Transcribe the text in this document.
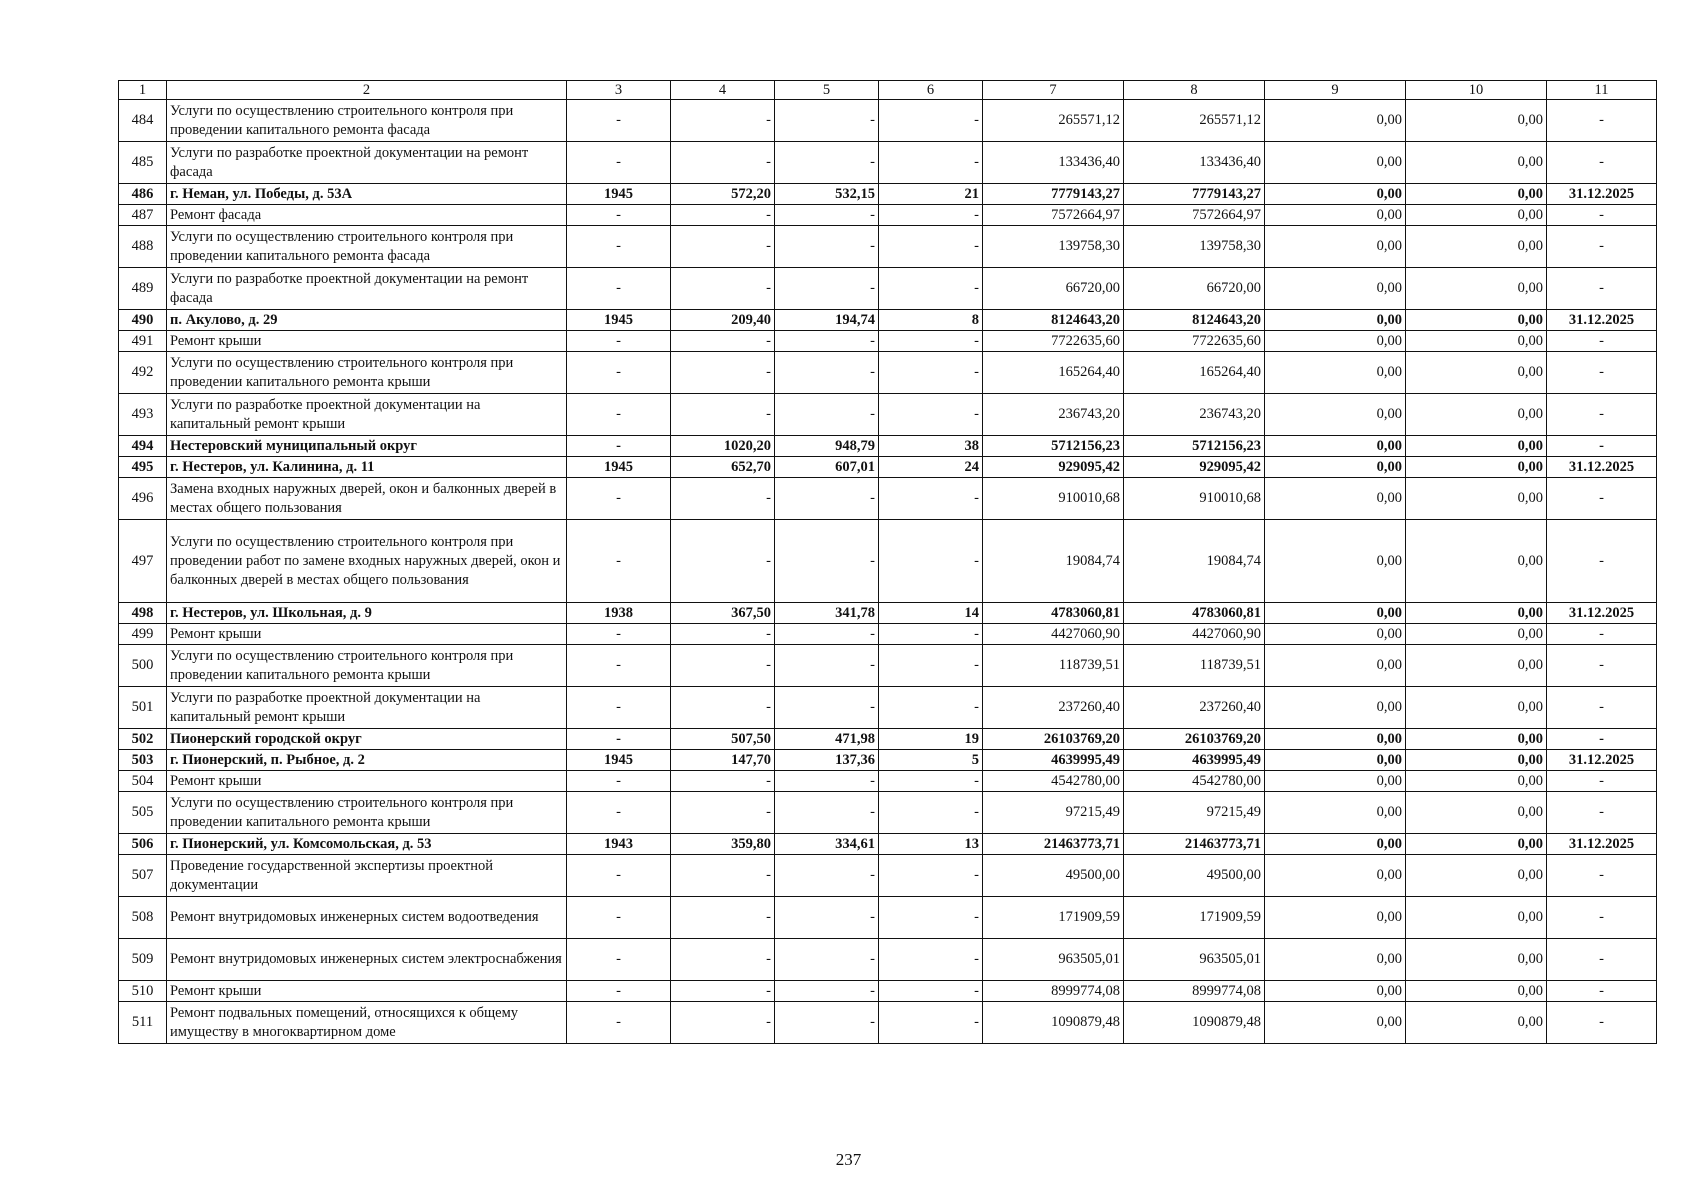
1	2	3	4	5	6	7	8	9	10	11
484	Услуги по осуществлению строительного контроля при проведении капитального ремонта фасада	-	-	-	-	265571,12	265571,12	0,00	0,00	-
485	Услуги по разработке проектной документации на ремонт фасада	-	-	-	-	133436,40	133436,40	0,00	0,00	-
486	г. Неман, ул. Победы, д. 53А	1945	572,20	532,15	21	7779143,27	7779143,27	0,00	0,00	31.12.2025
487	Ремонт фасада	-	-	-	-	7572664,97	7572664,97	0,00	0,00	-
488	Услуги по осуществлению строительного контроля при проведении капитального ремонта фасада	-	-	-	-	139758,30	139758,30	0,00	0,00	-
489	Услуги по разработке проектной документации на ремонт фасада	-	-	-	-	66720,00	66720,00	0,00	0,00	-
490	п. Акулово, д. 29	1945	209,40	194,74	8	8124643,20	8124643,20	0,00	0,00	31.12.2025
491	Ремонт крыши	-	-	-	-	7722635,60	7722635,60	0,00	0,00	-
492	Услуги по осуществлению строительного контроля при проведении капитального ремонта крыши	-	-	-	-	165264,40	165264,40	0,00	0,00	-
493	Услуги по разработке проектной документации на капитальный ремонт крыши	-	-	-	-	236743,20	236743,20	0,00	0,00	-
494	Нестеровский муниципальный округ	-	1020,20	948,79	38	5712156,23	5712156,23	0,00	0,00	-
495	г. Нестеров, ул. Калинина, д. 11	1945	652,70	607,01	24	929095,42	929095,42	0,00	0,00	31.12.2025
496	Замена входных наружных дверей, окон и балконных дверей в местах общего пользования	-	-	-	-	910010,68	910010,68	0,00	0,00	-
497	Услуги по осуществлению строительного контроля при проведении работ по замене входных наружных дверей, окон и балконных дверей в местах общего пользования	-	-	-	-	19084,74	19084,74	0,00	0,00	-
498	г. Нестеров, ул. Школьная, д. 9	1938	367,50	341,78	14	4783060,81	4783060,81	0,00	0,00	31.12.2025
499	Ремонт крыши	-	-	-	-	4427060,90	4427060,90	0,00	0,00	-
500	Услуги по осуществлению строительного контроля при проведении капитального ремонта крыши	-	-	-	-	118739,51	118739,51	0,00	0,00	-
501	Услуги по разработке проектной документации на капитальный ремонт крыши	-	-	-	-	237260,40	237260,40	0,00	0,00	-
502	Пионерский городской округ	-	507,50	471,98	19	26103769,20	26103769,20	0,00	0,00	-
503	г. Пионерский, п. Рыбное, д. 2	1945	147,70	137,36	5	4639995,49	4639995,49	0,00	0,00	31.12.2025
504	Ремонт крыши	-	-	-	-	4542780,00	4542780,00	0,00	0,00	-
505	Услуги по осуществлению строительного контроля при проведении капитального ремонта крыши	-	-	-	-	97215,49	97215,49	0,00	0,00	-
506	г. Пионерский, ул. Комсомольская, д. 53	1943	359,80	334,61	13	21463773,71	21463773,71	0,00	0,00	31.12.2025
507	Проведение государственной экспертизы проектной документации	-	-	-	-	49500,00	49500,00	0,00	0,00	-
508	Ремонт внутридомовых инженерных систем водоотведения	-	-	-	-	171909,59	171909,59	0,00	0,00	-
509	Ремонт внутридомовых инженерных систем электроснабжения	-	-	-	-	963505,01	963505,01	0,00	0,00	-
510	Ремонт крыши	-	-	-	-	8999774,08	8999774,08	0,00	0,00	-
511	Ремонт подвальных помещений, относящихся к общему имуществу в многоквартирном доме	-	-	-	-	1090879,48	1090879,48	0,00	0,00	-
237
